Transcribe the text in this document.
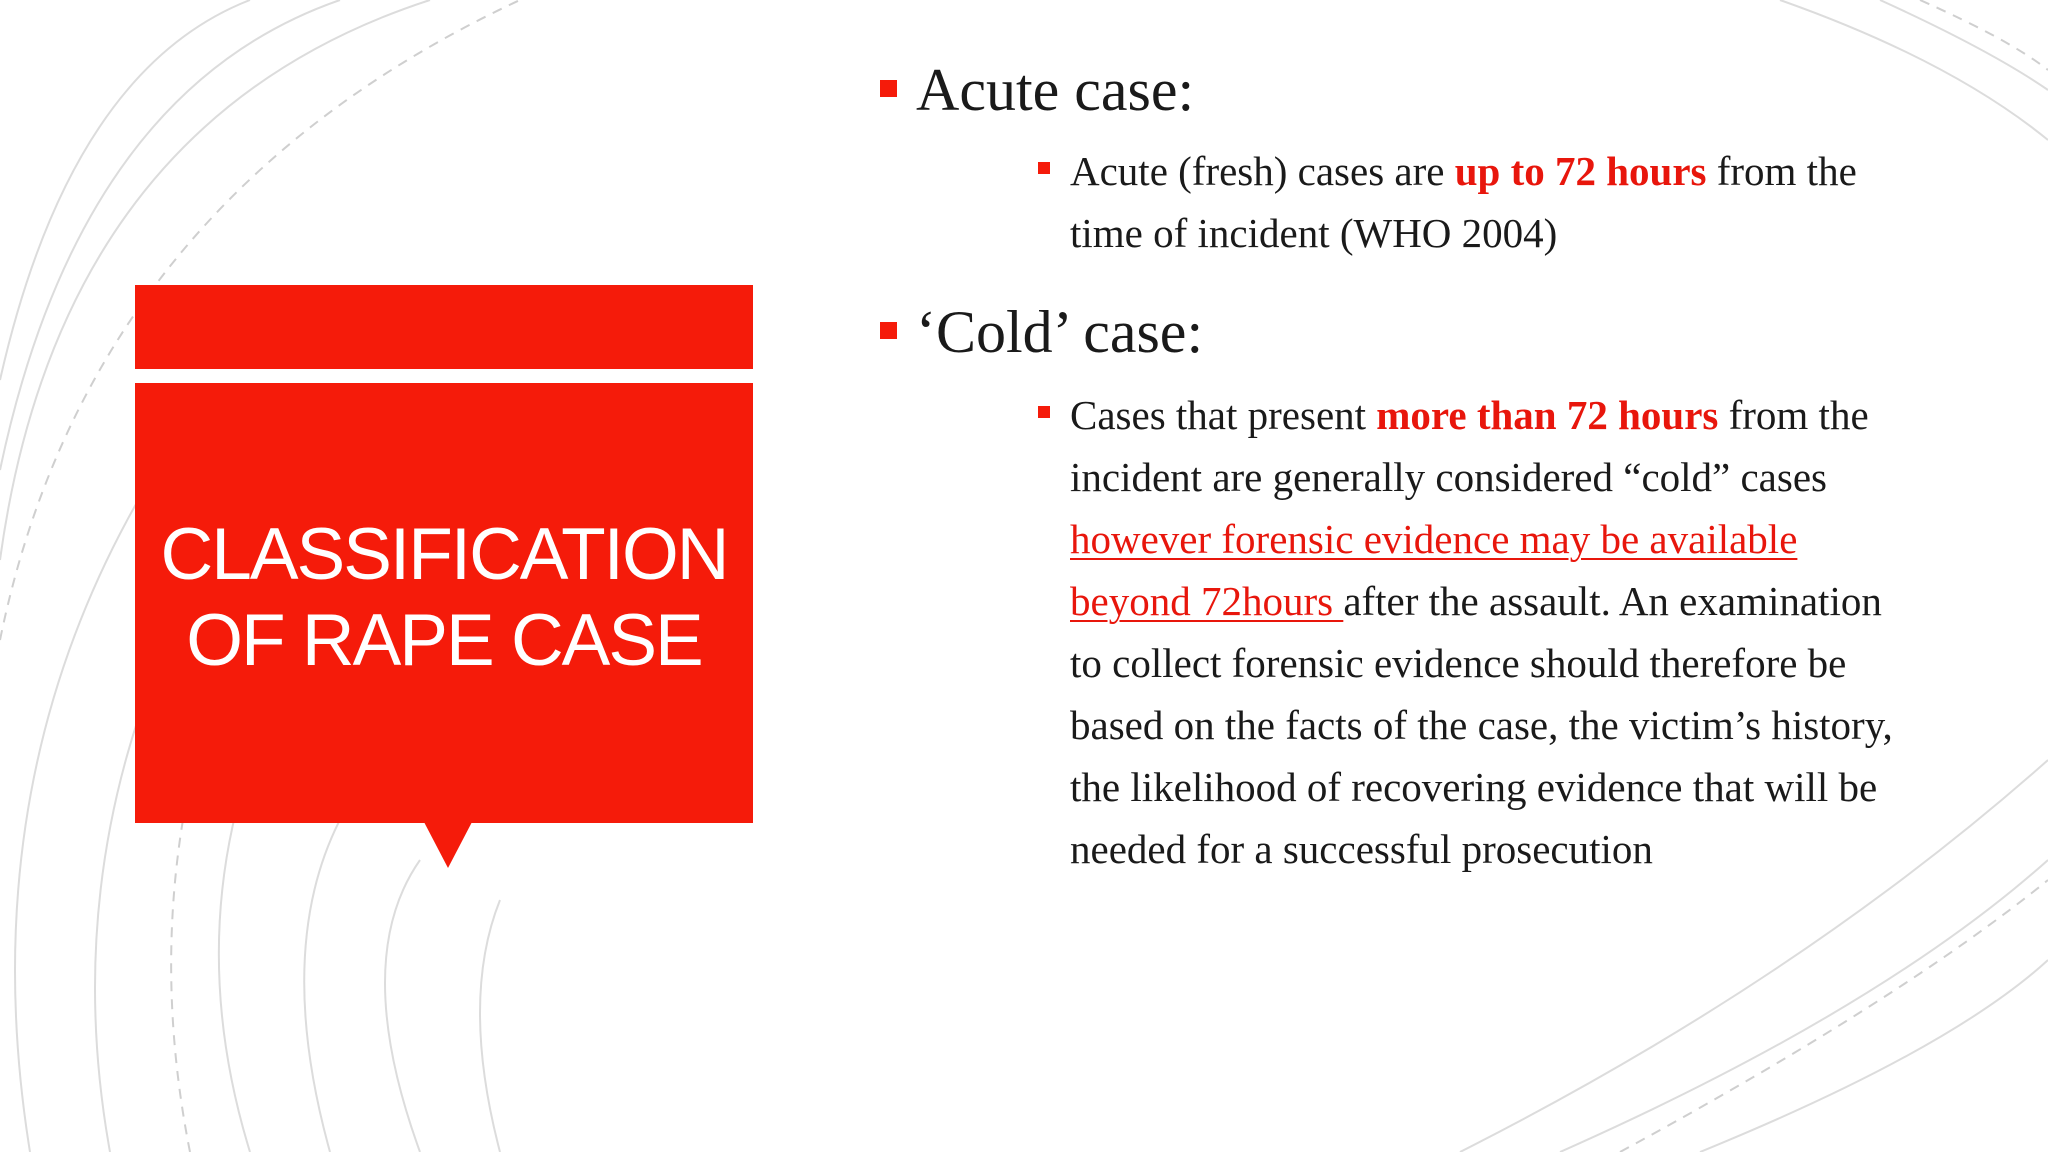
CLASSIFICATION
OF RAPE CASE
Acute case:
Acute (fresh) cases are up to 72 hours from the time of incident (WHO 2004)
‘Cold’ case:
Cases that present more than 72 hours from the incident are generally considered “cold” cases however forensic evidence may be available beyond 72hours after the assault. An examination to collect forensic evidence should therefore be based on the facts of the case, the victim’s history, the likelihood of recovering evidence that will be needed for a successful prosecution
